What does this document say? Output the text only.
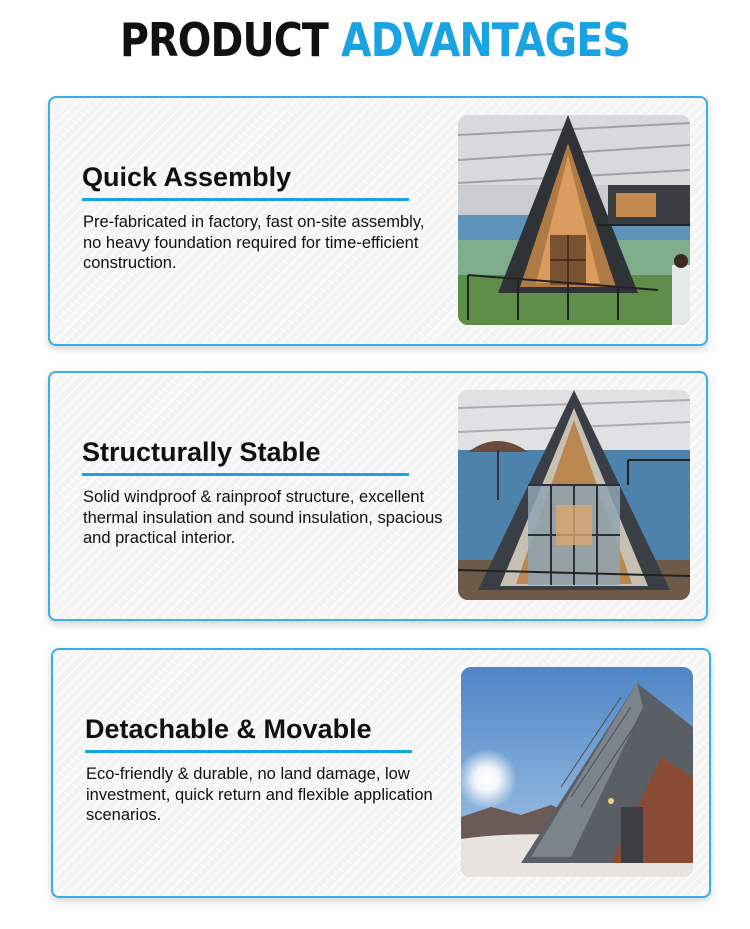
PRODUCT ADVANTAGES
Quick Assembly

Pre-fabricated in factory, fast on-site assembly, no heavy foundation required for time-efficient construction.

Structurally Stable

Solid windproof & rainproof structure, excellent thermal insulation and sound insulation, spacious and practical interior.

Detachable & Movable

Eco-friendly & durable, no land damage, low investment, quick return and flexible application scenarios.
